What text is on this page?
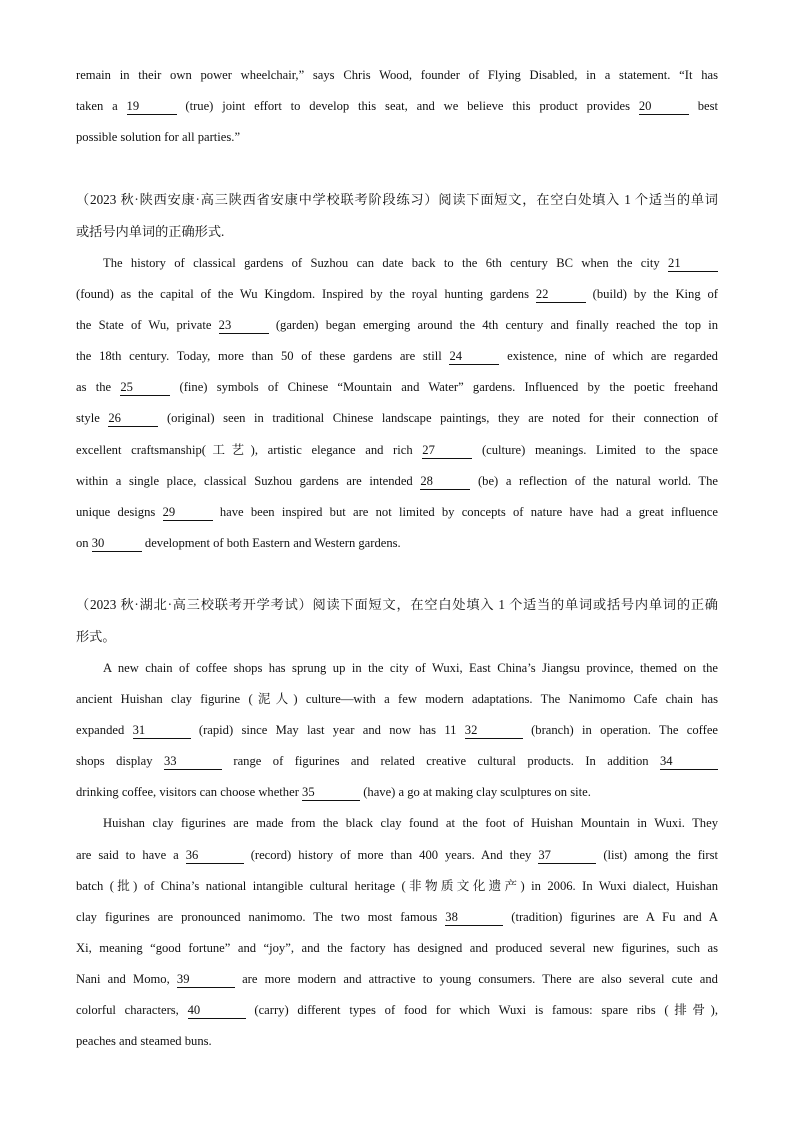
remain in their own power wheelchair,” says Chris Wood, founder of Flying Disabled, in a statement. “It has
taken a 19	(true) joint effort to develop this seat, and we believe this product provides 20	best
possible solution for all parties.”
（2023 秋·陕西安康·高三陕西省安康中学校联考阶段练习）阅读下面短文，在空白处填入 1 个适当的单词
或括号内单词的正确形式.
The history of classical gardens of Suzhou can date back to the 6th century BC when the city 21
(found) as the capital of the Wu Kingdom. Inspired by the royal hunting gardens 22	(build) by the King of
the State of Wu, private 23	(garden) began emerging around the 4th century and finally reached the top in
the 18th century. Today, more than 50 of these gardens are still 24	existence, nine of which are regarded
as the 25	(fine) symbols of Chinese “Mountain and Water” gardens. Influenced by the poetic freehand
style 26	(original) seen in traditional Chinese landscape paintings, they are noted for their connection of
excellent craftsmanship(工艺), artistic elegance and rich 27	(culture) meanings. Limited to the space
within a single place, classical Suzhou gardens are intended 28	(be) a reflection of the natural world. The
unique designs 29	have been inspired but are not limited by concepts of nature have had a great influence
on 30	development of both Eastern and Western gardens.
（2023 秋·湖北·高三校联考开学考试）阅读下面短文，在空白处填入 1 个适当的单词或括号内单词的正确
形式。
A new chain of coffee shops has sprung up in the city of Wuxi, East China’s Jiangsu province, themed on the
ancient Huishan clay figurine (泥人) culture—with a few modern adaptations. The Nanimomo Cafe chain has
expanded 31	(rapid) since May last year and now has 11 32	(branch) in operation. The coffee
shops display 33	range of figurines and related creative cultural products. In addition 34
drinking coffee, visitors can choose whether 35	(have) a go at making clay sculptures on site.
Huishan clay figurines are made from the black clay found at the foot of Huishan Mountain in Wuxi. They
are said to have a 36	(record) history of more than 400 years. And they 37	(list) among the first
batch (批) of China’s national intangible cultural heritage (非物质文化遗产) in 2006. In Wuxi dialect, Huishan
clay figurines are pronounced nanimomo. The two most famous 38	(tradition) figurines are A Fu and A
Xi, meaning “good fortune” and “joy”, and the factory has designed and produced several new figurines, such as
Nani and Momo, 39	are more modern and attractive to young consumers. There are also several cute and
colorful characters, 40	(carry) different types of food for which Wuxi is famous: spare ribs (排骨),
peaches and steamed buns.
